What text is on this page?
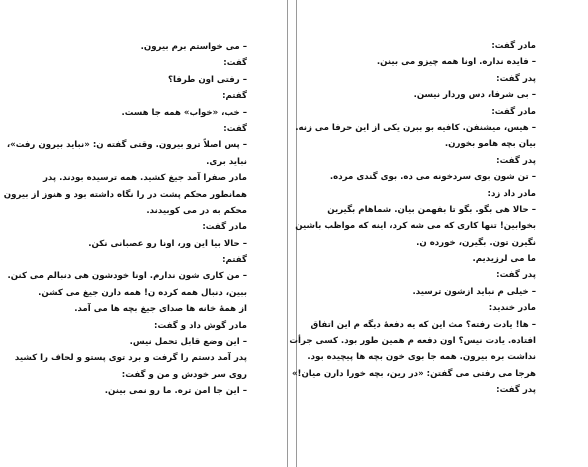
– می خواستم برم بیرون.
گفت:
– رفتی اون طرفا؟
گفتم:
– خب، «خواب» همه جا هست.
گفت:
– پس اصلاً ترو بیرون. وقتی گفته ن: «نباید بیرون رفت»،
نباید بری.
مادر صفرا آمد جیغ کشید. همه ترسیده بودند. پدر
همانطور محکم پشت در را نگاه داشته بود و هنوز از بیرون
محکم به در می کوبیدند.
مادر گفت:
– حالا بیا این ور، اونا رو عصبانی نکن.
گفتم:
– من کاری شون ندارم. اونا خودشون هی دنبالم می کنن.
ببین، دنبال همه کرده ن! همه دارن جیغ می کشن.
از همهٔ خانه ها صدای جیغ بچه ها می آمد.
مادر گوش داد و گفت:
– این وضع قابل تحمل نیس.
پدر آمد دستم را گرفت و برد توی پستو و لحاف را کشید
روی سر خودش و من و گفت:
– این جا امن تره. ما رو نمی بینن.
مادر گفت:
– فایده نداره. اونا همه چیزو می بینن.
پدر گفت:
– بی شرفا، دس وردار نیسن.
مادر گفت:
– هیس، میشنفن. کافیه بو ببرن یکی از این حرفا می زنه.
بیان بچه هامو بخورن.
پدر گفت:
– تن شون بوی سردخونه می ده. بوی گندی مرده.
مادر داد زد:
– حالا هی بگو. بگو تا بفهمن بیان. شماهام بگیرین
بخوابین! تنها کاری که می شه کرد، اینه که مواظب باشین
نگیرن تون. بگیرن، خورده ن.
ما می لرزیدیم.
پدر گفت:
– خیلی م نباید ازشون ترسید.
مادر خندید:
– ها! یادت رفته؟ مث این که یه دفعهٔ دیگه م این اتفاق
افتاده. یادت نیس؟ اون دفعه م همین طور بود. کسی جرأت
نداشت بره بیرون. همه جا بوی خون بچه ها پیچیده بود.
هرجا می رفتی می گفتن: «در رین، بچه خورا دارن میان!»
پدر گفت:
